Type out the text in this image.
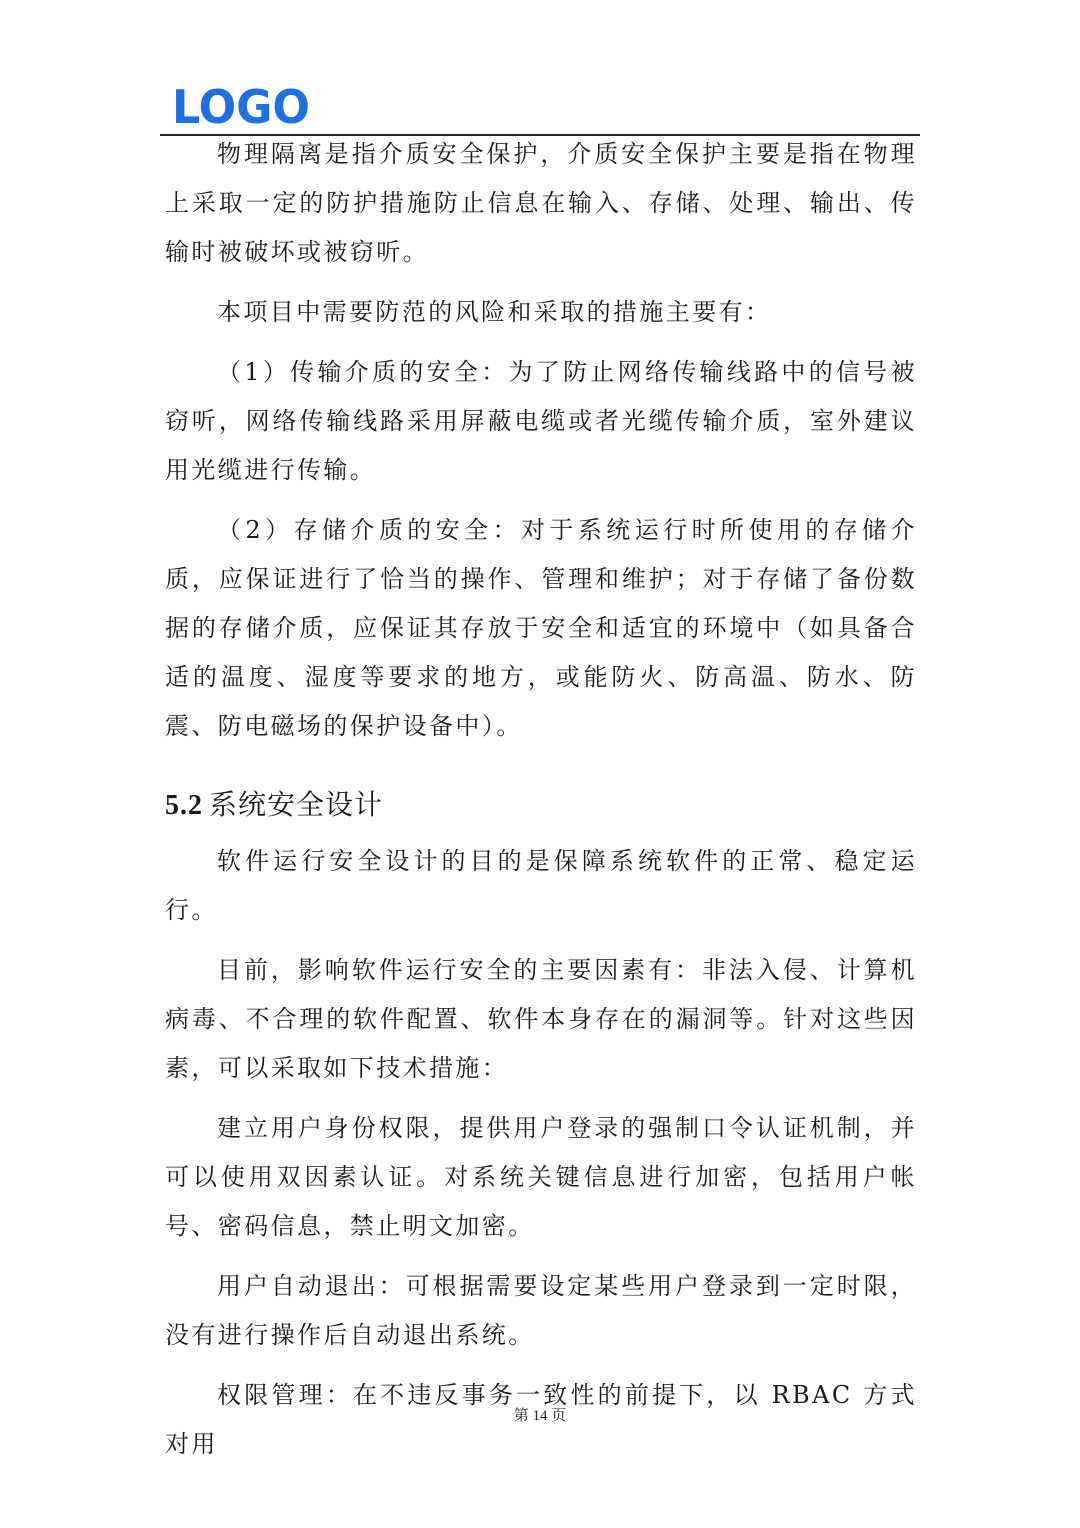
LOGO

物理隔离是指介质安全保护，介质安全保护主要是指在物理上采取一定的防护措施防止信息在输入、存储、处理、输出、传输时被破坏或被窃听。

本项目中需要防范的风险和采取的措施主要有：

（1）传输介质的安全：为了防止网络传输线路中的信号被窃听，网络传输线路采用屏蔽电缆或者光缆传输介质，室外建议用光缆进行传输。

（2）存储介质的安全：对于系统运行时所使用的存储介质，应保证进行了恰当的操作、管理和维护；对于存储了备份数据的存储介质，应保证其存放于安全和适宜的环境中（如具备合适的温度、湿度等要求的地方，或能防火、防高温、防水、防震、防电磁场的保护设备中）。

5.2 系统安全设计

软件运行安全设计的目的是保障系统软件的正常、稳定运行。

目前，影响软件运行安全的主要因素有：非法入侵、计算机病毒、不合理的软件配置、软件本身存在的漏洞等。针对这些因素，可以采取如下技术措施：

建立用户身份权限，提供用户登录的强制口令认证机制，并可以使用双因素认证。对系统关键信息进行加密，包括用户帐号、密码信息，禁止明文加密。

用户自动退出：可根据需要设定某些用户登录到一定时限，没有进行操作后自动退出系统。

权限管理：在不违反事务一致性的前提下，以 RBAC 方式对用

第 14 页
